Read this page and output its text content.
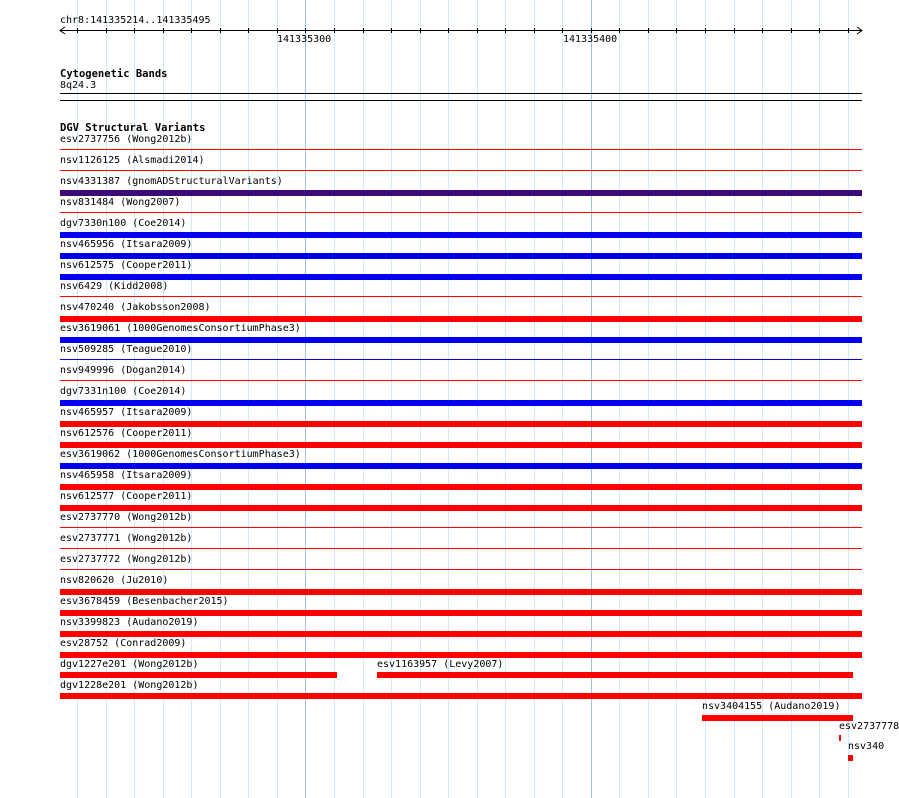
chr8:141335214..141335495
141335300	141335400
Cytogenetic Bands
8q24.3
DGV Structural Variants
esv2737756 (Wong2012b)
nsv1126125 (Alsmadi2014)
nsv4331387 (gnomADStructuralVariants)
nsv831484 (Wong2007)
dgv7330n100 (Coe2014)
nsv465956 (Itsara2009)
nsv612575 (Cooper2011)
nsv6429 (Kidd2008)
nsv470240 (Jakobsson2008)
esv3619061 (1000GenomesConsortiumPhase3)
nsv509285 (Teague2010)
nsv949996 (Dogan2014)
dgv7331n100 (Coe2014)
nsv465957 (Itsara2009)
nsv612576 (Cooper2011)
esv3619062 (1000GenomesConsortiumPhase3)
nsv465958 (Itsara2009)
nsv612577 (Cooper2011)
esv2737770 (Wong2012b)
esv2737771 (Wong2012b)
esv2737772 (Wong2012b)
nsv820620 (Ju2010)
esv3678459 (Besenbacher2015)
nsv3399823 (Audano2019)
esv28752 (Conrad2009)
dgv1227e201 (Wong2012b)	esv1163957 (Levy2007)
dgv1228e201 (Wong2012b)
nsv3404155 (Audano2019)
esv2737778
nsv340
